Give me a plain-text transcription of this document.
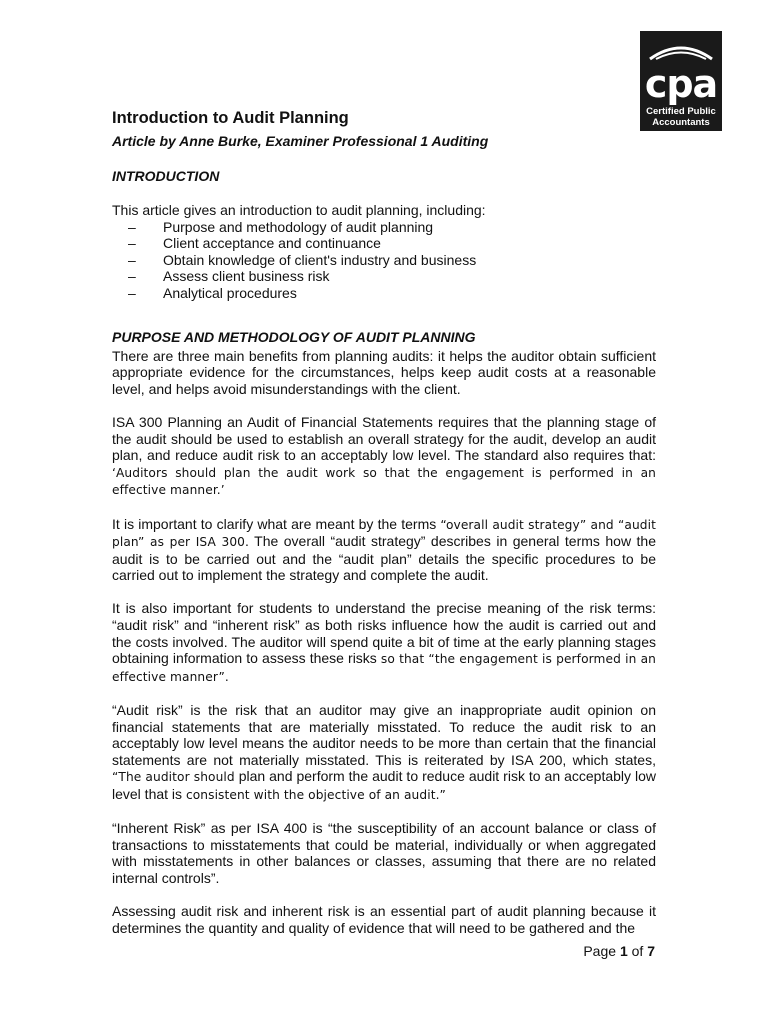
cpa
Certified Public
Accountants
Introduction to Audit Planning
Article by Anne Burke, Examiner Professional 1 Auditing
INTRODUCTION

This article gives an introduction to audit planning, including:

– Purpose and methodology of audit planning
– Client acceptance and continuance
– Obtain knowledge of client's industry and business
– Assess client business risk
– Analytical procedures
PURPOSE AND METHODOLOGY OF AUDIT PLANNING

There are three main benefits from planning audits: it helps the auditor obtain sufficient appropriate evidence for the circumstances, helps keep audit costs at a reasonable level, and helps avoid misunderstandings with the client.

ISA 300 Planning an Audit of Financial Statements requires that the planning stage of the audit should be used to establish an overall strategy for the audit, develop an audit plan, and reduce audit risk to an acceptably low level. The standard also requires that: ‘Auditors should plan the audit work so that the engagement is performed in an effective manner.’

It is important to clarify what are meant by the terms “overall audit strategy” and “audit plan” as per ISA 300. The overall “audit strategy” describes in general terms how the audit is to be carried out and the “audit plan” details the specific procedures to be carried out to implement the strategy and complete the audit.

It is also important for students to understand the precise meaning of the risk terms: “audit risk” and “inherent risk” as both risks influence how the audit is carried out and the costs involved. The auditor will spend quite a bit of time at the early planning stages obtaining information to assess these risks so that “the engagement is performed in an effective manner”.

“Audit risk” is the risk that an auditor may give an inappropriate audit opinion on financial statements that are materially misstated. To reduce the audit risk to an acceptably low level means the auditor needs to be more than certain that the financial statements are not materially misstated. This is reiterated by ISA 200, which states, “The auditor should plan and perform the audit to reduce audit risk to an acceptably low level that is consistent with the objective of an audit.”

“Inherent Risk” as per ISA 400 is “the susceptibility of an account balance or class of transactions to misstatements that could be material, individually or when aggregated with misstatements in other balances or classes, assuming that there are no related internal controls”.

Assessing audit risk and inherent risk is an essential part of audit planning because it determines the quantity and quality of evidence that will need to be gathered and the

Page 1 of 7
